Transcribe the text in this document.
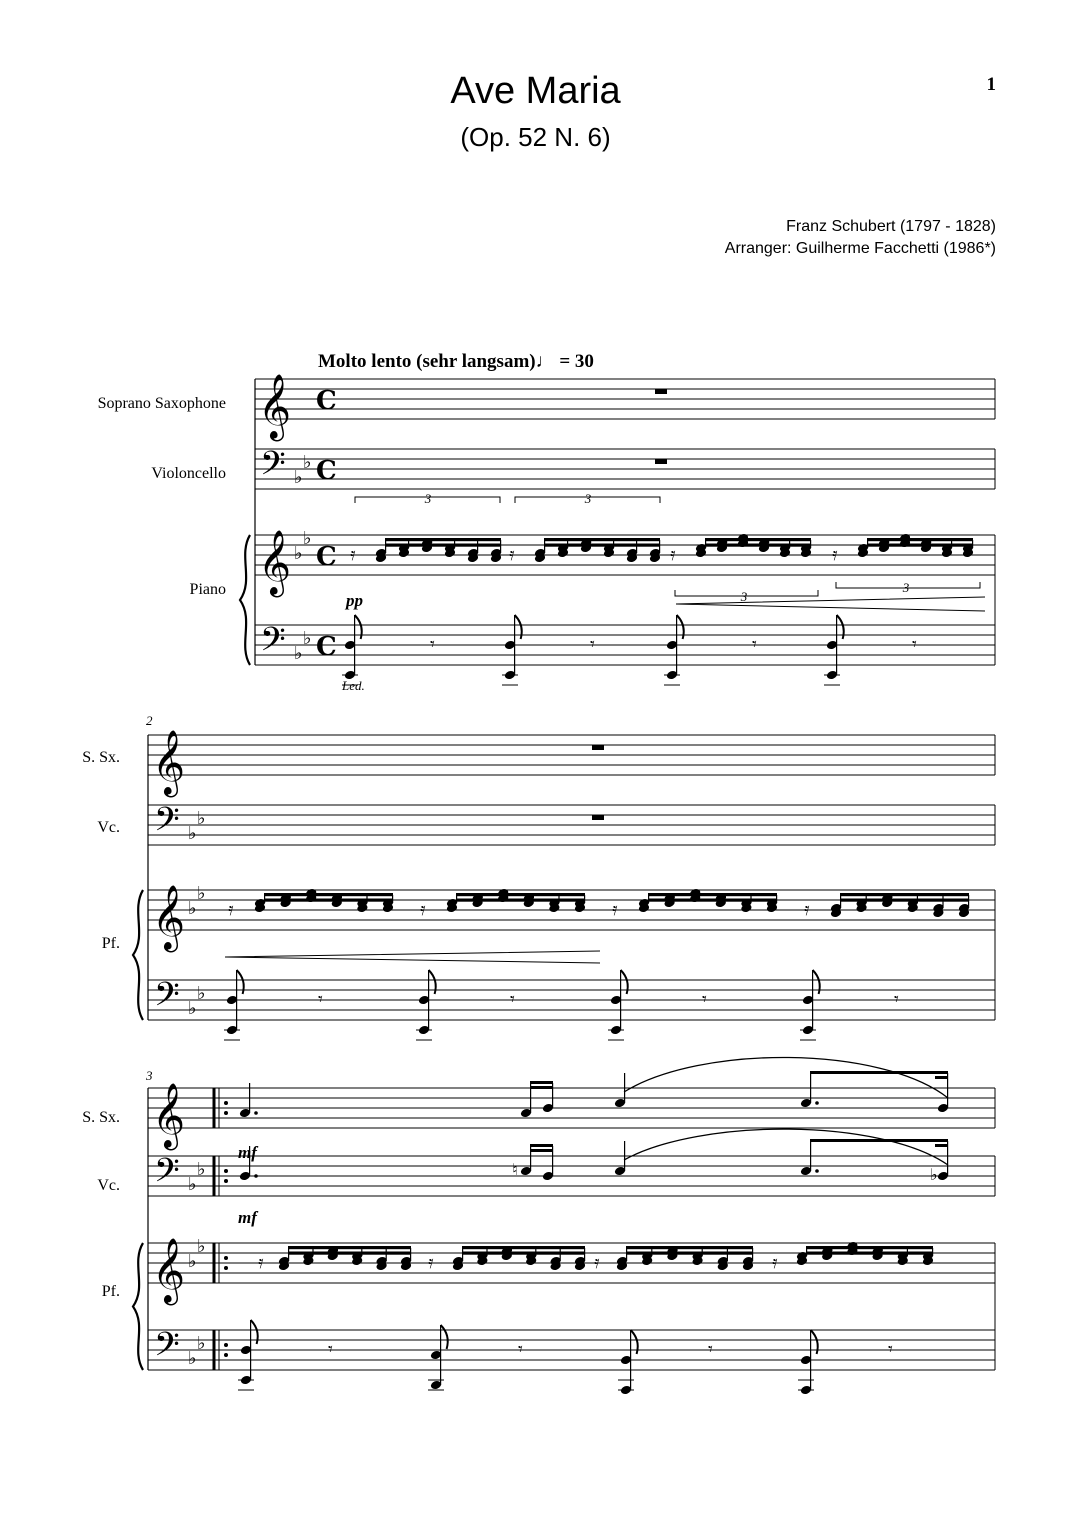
Ave Maria
(Op. 52 N. 6)
1
Franz Schubert (1797 - 1828)
Arranger: Guilherme Facchetti (1986*)
Molto lento (sehr langsam)♩ = 30
Soprano Saxophone
Violoncello
Piano
S. Sx.
Vc.
Pf.
S. Sx.
Vc.
Pf.
2
3
pp
Led.
mf
mf
3	3
3
3
𝄞
𝄢
𝄞
𝄢
♭
♭
♭
♭
♭
♭
C
C
C
C
𝄿	𝄿	𝄿	𝄿
𝄾	𝄾	𝄾	𝄾
𝄞
𝄢
𝄞
𝄢
♭
♭
♭
♭
♭
♭
𝄿	𝄿	𝄿	𝄿
𝄾	𝄾	𝄾	𝄾
𝄞
𝄢
𝄞
𝄢
♭
♭
♭
♭
♭
♭
♮	♭
𝄿	𝄿	𝄿	𝄿
𝄾	𝄾	𝄾	𝄾
